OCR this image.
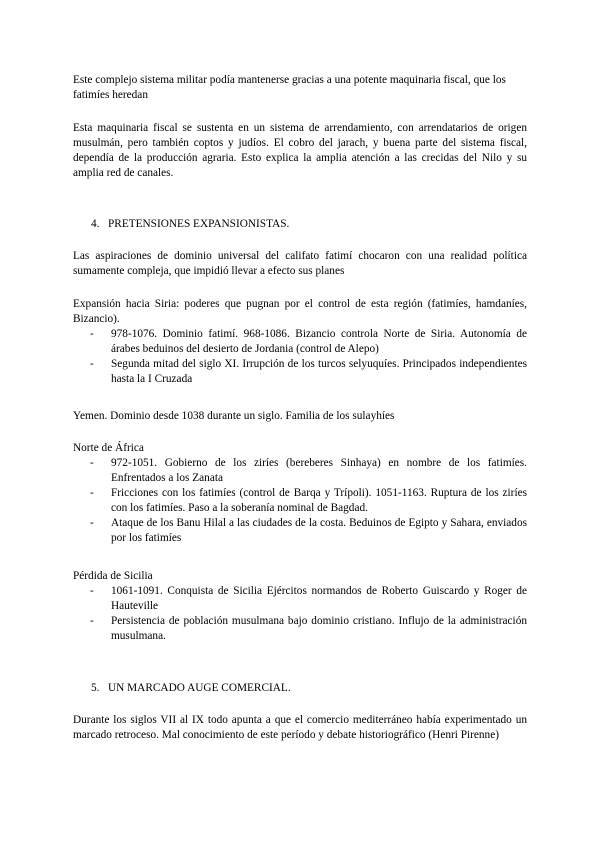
Este complejo sistema militar podía mantenerse gracias a una potente maquinaria fiscal, que los fatimíes heredan

Esta maquinaria fiscal se sustenta en un sistema de arrendamiento, con arrendatarios de origen musulmán, pero también coptos y judíos. El cobro del jarach, y buena parte del sistema fiscal, dependía de la producción agraria. Esto explica la amplia atención a las crecidas del Nilo y su amplia red de canales.

4. PRETENSIONES EXPANSIONISTAS.

Las aspiraciones de dominio universal del califato fatimí chocaron con una realidad política sumamente compleja, que impidió llevar a efecto sus planes

Expansión hacia Siria: poderes que pugnan por el control de esta región (fatimíes, hamdaníes, Bizancio).

- 978-1076. Dominio fatimí. 968-1086. Bizancio controla Norte de Siria. Autonomía de árabes beduinos del desierto de Jordania (control de Alepo)
- Segunda mitad del siglo XI. Irrupción de los turcos selyuquíes. Principados independientes hasta la I Cruzada

Yemen. Dominio desde 1038 durante un siglo. Familia de los sulayhíes

Norte de África

- 972-1051. Gobierno de los ziríes (bereberes Sinhaya) en nombre de los fatimíes. Enfrentados a los Zanata
- Fricciones con los fatimíes (control de Barqa y Trípoli). 1051-1163. Ruptura de los ziríes con los fatimíes. Paso a la soberanía nominal de Bagdad.
- Ataque de los Banu Hilal a las ciudades de la costa. Beduinos de Egipto y Sahara, enviados por los fatimíes

Pérdida de Sicilia

- 1061-1091. Conquista de Sicilia Ejércitos normandos de Roberto Guiscardo y Roger de Hauteville
- Persistencia de población musulmana bajo dominio cristiano. Influjo de la administración musulmana.
5. UN MARCADO AUGE COMERCIAL.

Durante los siglos VII al IX todo apunta a que el comercio mediterráneo había experimentado un marcado retroceso. Mal conocimiento de este período y debate historiográfico (Henri Pirenne)
